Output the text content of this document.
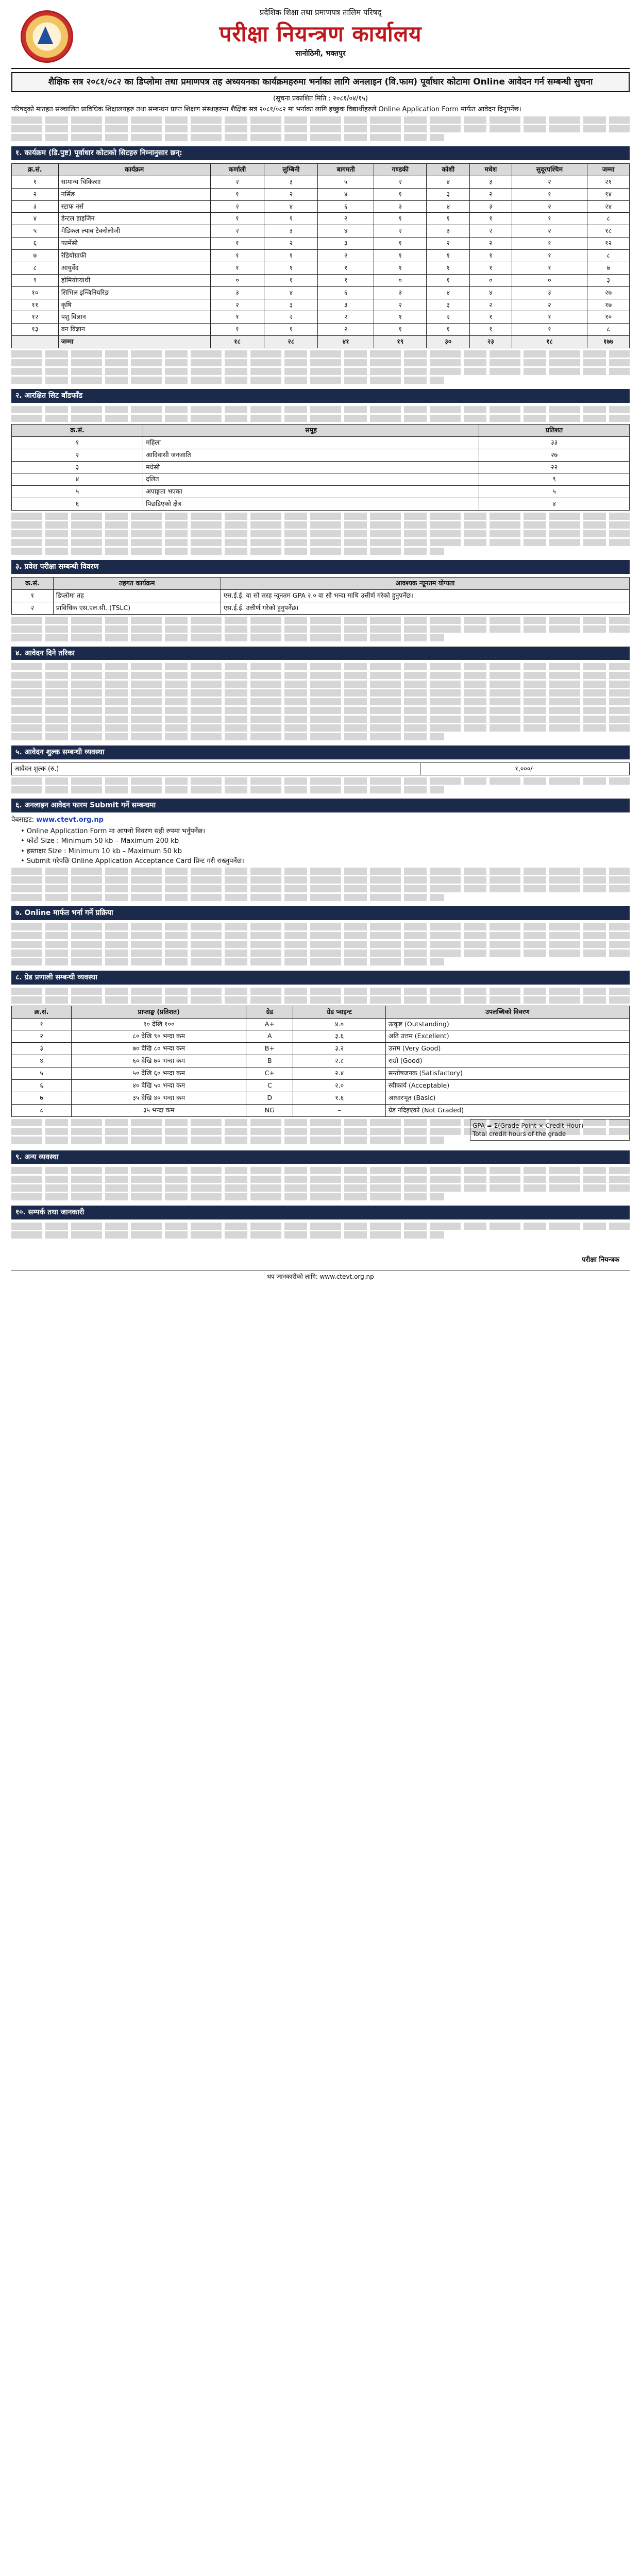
प्रदेशिक शिक्षा तथा प्रमाणपत्र तालिम परिषद्
परीक्षा नियन्त्रण कार्यालय
सानोठिमी, भक्तपुर
शैक्षिक सत्र २०८१/०८२ का डिप्लोमा तथा प्रमाणपत्र तह अध्ययनका कार्यक्रमहरुमा भर्नाका लागि अनलाइन (वि.फाम) पूर्वाधार कोटामा Online आवेदन गर्न सम्बन्धी सुचना
(सूचना प्रकाशित मिति : २०८१/०४/१५)

परिषद्को मातहत सञ्चालित प्राविधिक शिक्षालयहरु तथा सम्बन्धन प्राप्त शिक्षण संस्थाहरुमा शैक्षिक सत्र २०८१/०८२ मा भर्नाका लागि इच्छुक विद्यार्थीहरुले Online Application Form मार्फत आवेदन दिनुपर्नेछ।

१. कार्यक्रम (डि.पुष्ट) पूर्वाधार कोटाको सिटहरु निम्नानुसार छन्:
क्र.सं.	कार्यक्रम	कर्णाली	लुम्बिनी	बागमती	गण्डकी	कोशी	मधेश	सुदूरपश्चिम	जम्मा
१	सामान्य चिकित्सा	२	३	५	२	४	३	२	२१
२	नर्सिङ	१	२	४	१	३	२	१	१४
३	स्टाफ नर्स	२	४	६	३	४	३	२	२४
४	डेन्टल हाइजिन	१	१	२	१	१	१	१	८
५	मेडिकल ल्याब टेक्नोलोजी	२	३	४	२	३	२	२	१८
६	फार्मेसी	१	२	३	१	२	२	१	१२
७	रेडियोग्राफी	१	१	२	१	१	१	१	८
८	आयुर्वेद	१	१	१	१	१	१	१	७
९	होमियोप्याथी	०	१	१	०	१	०	०	३
१०	सिभिल इन्जिनियरिङ	३	४	६	३	४	४	३	२७
११	कृषि	२	३	३	२	३	२	२	१७
१२	पशु विज्ञान	१	२	२	१	२	१	१	१०
१३	वन विज्ञान	१	१	२	१	१	१	१	८
	जम्मा	१८	२८	४१	१९	३०	२३	१८	१७७
२. आरक्षित सिट बाँडफाँड
क्र.सं.	समूह	प्रतिशत
१	महिला	३३
२	आदिवासी जनजाति	२७
३	मधेसी	२२
४	दलित	९
५	अपाङ्गता भएका	५
६	पिछडिएको क्षेत्र	४
३. प्रवेश परीक्षा सम्बन्धी विवरण
क्र.सं.	तहगत कार्यक्रम	आवश्यक न्यूनतम योग्यता
१	डिप्लोमा तह	एस.ई.ई. वा सो सरह न्यूनतम GPA २.० वा सो भन्दा माथि उत्तीर्ण गरेको हुनुपर्नेछ।
२	प्राविधिक एस.एल.सी. (TSLC)	एस.ई.ई. उत्तीर्ण गरेको हुनुपर्नेछ।
४. आवेदन दिने तरिका
५. आवेदन शुल्क सम्बन्धी व्यवस्था
आवेदन शुल्क (रु.)	१,०००/-
६. अनलाइन आवेदन फारम Submit गर्ने सम्बन्धमा

वेबसाइट: www.ctevt.org.np

• Online Application Form मा आफ्नो विवरण सही रुपमा भर्नुपर्नेछ।
• फोटो Size : Minimum 50 kb – Maximum 200 kb
• हस्ताक्षर Size : Minimum 10 kb – Maximum 50 kb
• Submit गरेपछि Online Application Acceptance Card प्रिन्ट गरी राख्नुपर्नेछ।
७. Online मार्फत भर्ना गर्ने प्रक्रिया
८. ग्रेड प्रणाली सम्बन्धी व्यवस्था
क्र.सं.	प्राप्ताङ्क (प्रतिशत)	ग्रेड	ग्रेड प्वाइन्ट	उपलब्धिको विवरण
१	९० देखि १००	A+	४.०	उत्कृष्ट (Outstanding)
२	८० देखि ९० भन्दा कम	A	३.६	अति उत्तम (Excellent)
३	७० देखि ८० भन्दा कम	B+	३.२	उत्तम (Very Good)
४	६० देखि ७० भन्दा कम	B	२.८	राम्रो (Good)
५	५० देखि ६० भन्दा कम	C+	२.४	सन्तोषजनक (Satisfactory)
६	४० देखि ५० भन्दा कम	C	२.०	स्वीकार्य (Acceptable)
७	३५ देखि ४० भन्दा कम	D	१.६	आधारभूत (Basic)
८	३५ भन्दा कम	NG	–	ग्रेड नदिइएको (Not Graded)
GPA = Σ(Grade Point × Credit Hour)
Total credit hours of the grade
९. अन्य व्यवस्था
१०. सम्पर्क तथा जानकारी
परीक्षा नियन्त्रक
थप जानकारीको लागि: www.ctevt.org.np
